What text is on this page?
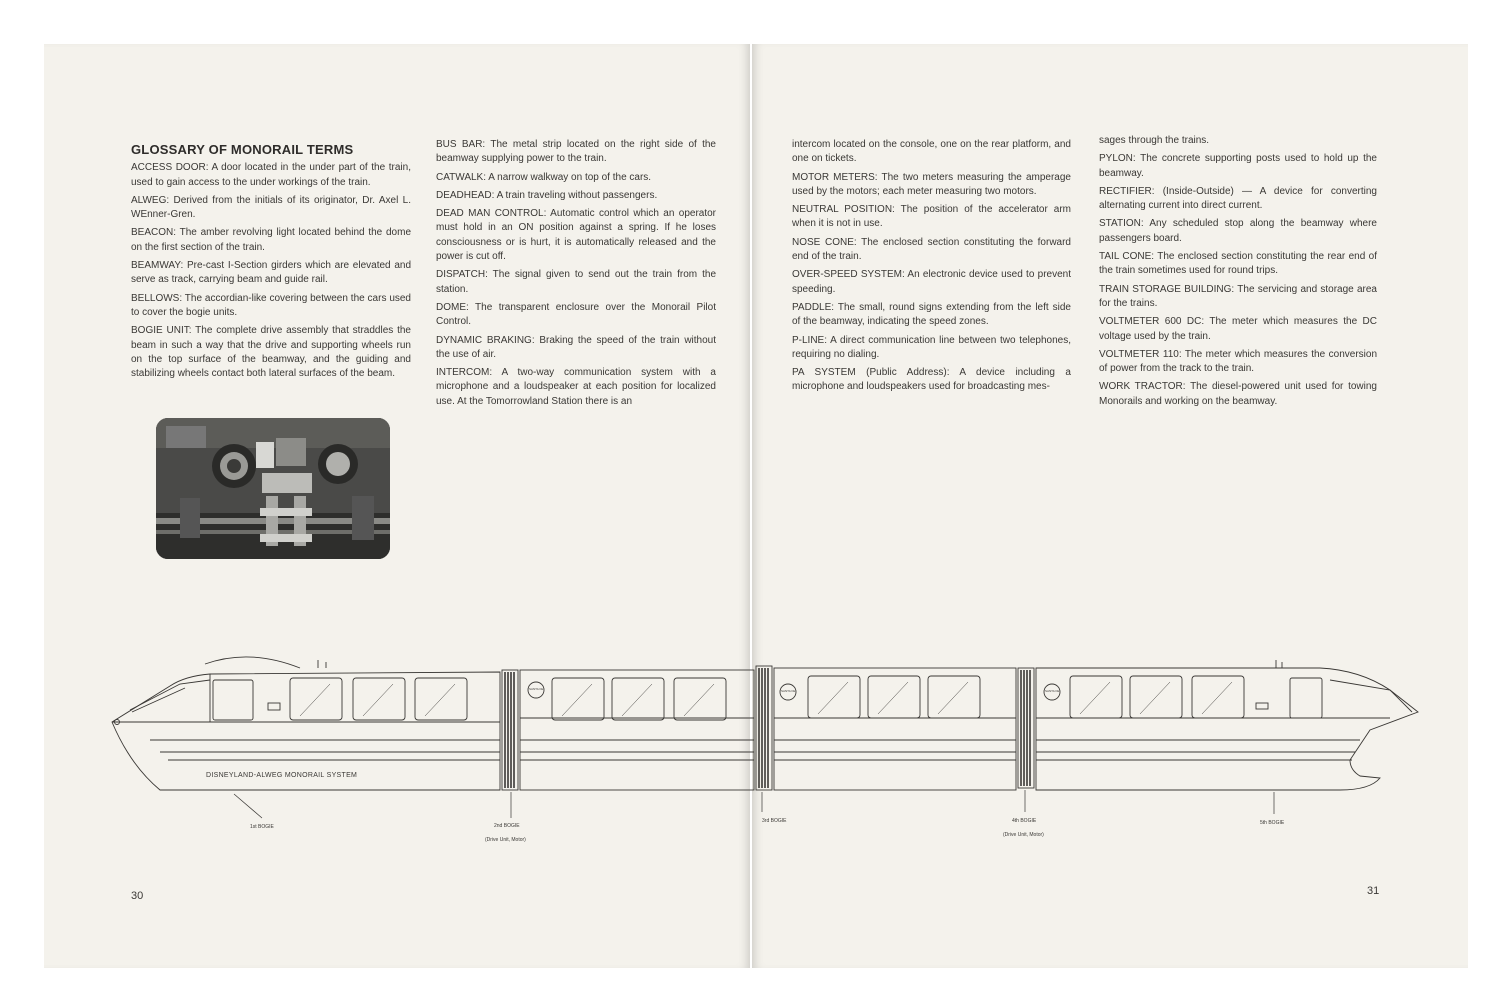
GLOSSARY OF MONORAIL TERMS

ACCESS DOOR: A door located in the under part of the train, used to gain access to the under workings of the train.

ALWEG: Derived from the initials of its originator, Dr. Axel L. WEnner-Gren.

BEACON: The amber revolving light located behind the dome on the first section of the train.

BEAMWAY: Pre-cast I-Section girders which are elevated and serve as track, carrying beam and guide rail.

BELLOWS: The accordian-like covering between the cars used to cover the bogie units.

BOGIE UNIT: The complete drive assembly that straddles the beam in such a way that the drive and supporting wheels run on the top surface of the beamway, and the guiding and stabilizing wheels contact both lateral surfaces of the beam.

BUS BAR: The metal strip located on the right side of the beamway supplying power to the train.

CATWALK: A narrow walkway on top of the cars.

DEADHEAD: A train traveling without passengers.

DEAD MAN CONTROL: Automatic control which an operator must hold in an ON position against a spring. If he loses consciousness or is hurt, it is automatically released and the power is cut off.

DISPATCH: The signal given to send out the train from the station.

DOME: The transparent enclosure over the Monorail Pilot Control.

DYNAMIC BRAKING: Braking the speed of the train without the use of air.

INTERCOM: A two-way communication system with a microphone and a loudspeaker at each position for localized use. At the Tomorrowland Station there is an

30

intercom located on the console, one on the rear platform, and one on tickets.

MOTOR METERS: The two meters measuring the amperage used by the motors; each meter measuring two motors.

NEUTRAL POSITION: The position of the accelerator arm when it is not in use.

NOSE CONE: The enclosed section constituting the forward end of the train.

OVER-SPEED SYSTEM: An electronic device used to prevent speeding.

PADDLE: The small, round signs extending from the left side of the beamway, indicating the speed zones.

P-LINE: A direct communication line between two telephones, requiring no dialing.

PA SYSTEM (Public Address): A device including a microphone and loudspeakers used for broadcasting mes-

sages through the trains.

PYLON: The concrete supporting posts used to hold up the beamway.

RECTIFIER: (Inside-Outside) — A device for converting alternating current into direct current.

STATION: Any scheduled stop along the beamway where passengers board.

TAIL CONE: The enclosed section constituting the rear end of the train sometimes used for round trips.

TRAIN STORAGE BUILDING: The servicing and storage area for the trains.

VOLTMETER 600 DC: The meter which measures the DC voltage used by the train.

VOLTMETER 110: The meter which measures the conversion of power from the track to the train.

WORK TRACTOR: The diesel-powered unit used for towing Monorails and working on the beamway.

31
DISNEYLAND-ALWEG MONORAIL SYSTEM
1st BOGIE	2nd BOGIE
(Drive Unit, Motor)
3rd BOGIE	4th BOGIE
(Drive Unit, Motor)
5th BOGIE
SANTA FE	SANTA FE	SANTA FE
